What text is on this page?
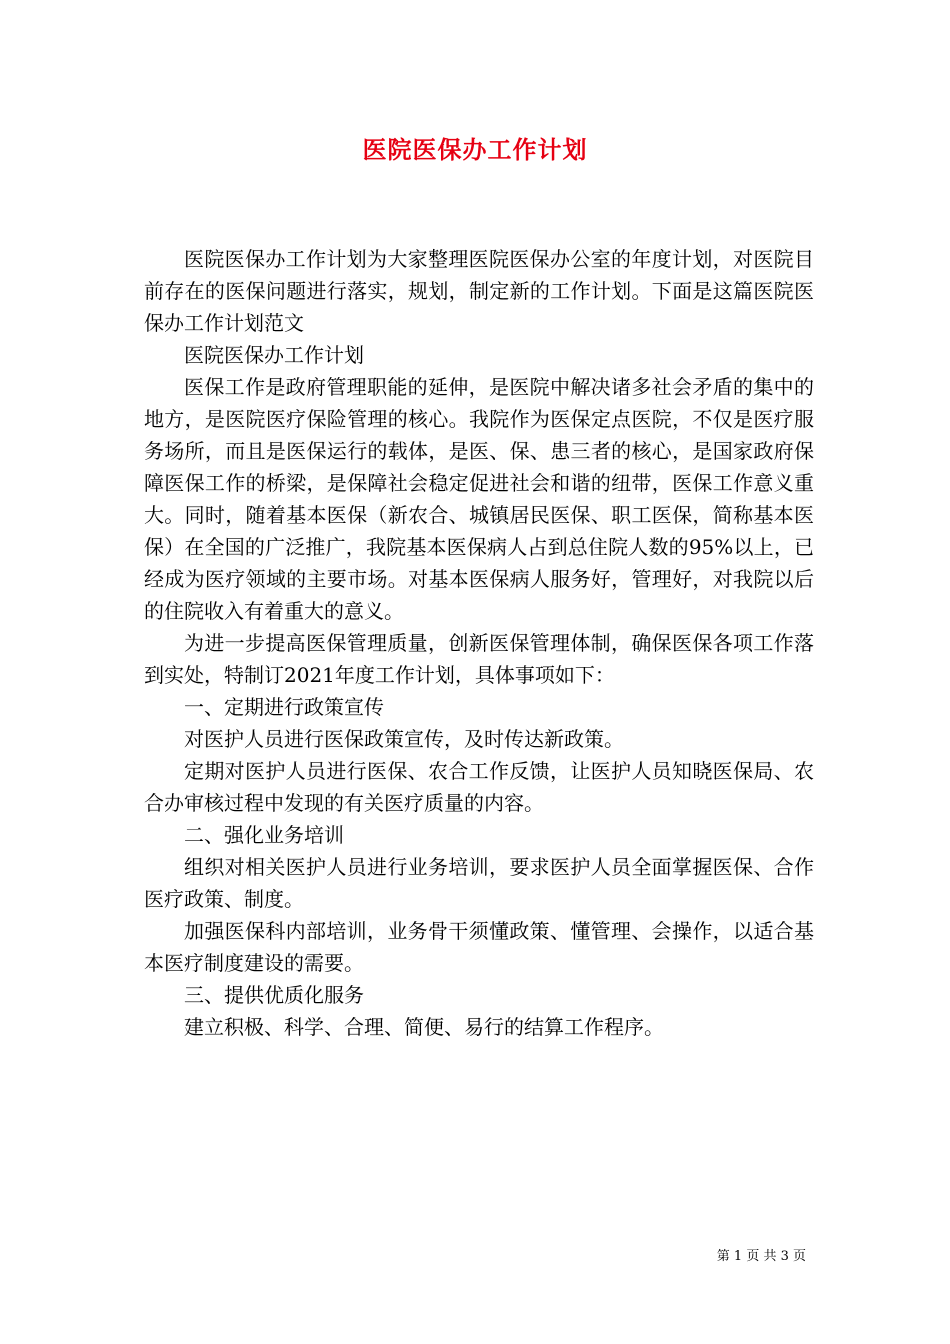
医院医保办工作计划

医院医保办工作计划为大家整理医院医保办公室的年度计划，对医院目前存在的医保问题进行落实，规划，制定新的工作计划。下面是这篇医院医保办工作计划范文

医院医保办工作计划

医保工作是政府管理职能的延伸，是医院中解决诸多社会矛盾的集中的地方，是医院医疗保险管理的核心。我院作为医保定点医院，不仅是医疗服务场所，而且是医保运行的载体，是医、保、患三者的核心，是国家政府保障医保工作的桥梁，是保障社会稳定促进社会和谐的纽带，医保工作意义重大。同时，随着基本医保（新农合、城镇居民医保、职工医保，简称基本医保）在全国的广泛推广，我院基本医保病人占到总住院人数的95%以上，已经成为医疗领域的主要市场。对基本医保病人服务好，管理好，对我院以后的住院收入有着重大的意义。

为进一步提高医保管理质量，创新医保管理体制，确保医保各项工作落到实处，特制订2021年度工作计划，具体事项如下：

一、定期进行政策宣传

对医护人员进行医保政策宣传，及时传达新政策。

定期对医护人员进行医保、农合工作反馈，让医护人员知晓医保局、农合办审核过程中发现的有关医疗质量的内容。

二、强化业务培训

组织对相关医护人员进行业务培训，要求医护人员全面掌握医保、合作医疗政策、制度。

加强医保科内部培训，业务骨干须懂政策、懂管理、会操作，以适合基本医疗制度建设的需要。

三、提供优质化服务

建立积极、科学、合理、简便、易行的结算工作程序。

第 1 页 共 3 页
